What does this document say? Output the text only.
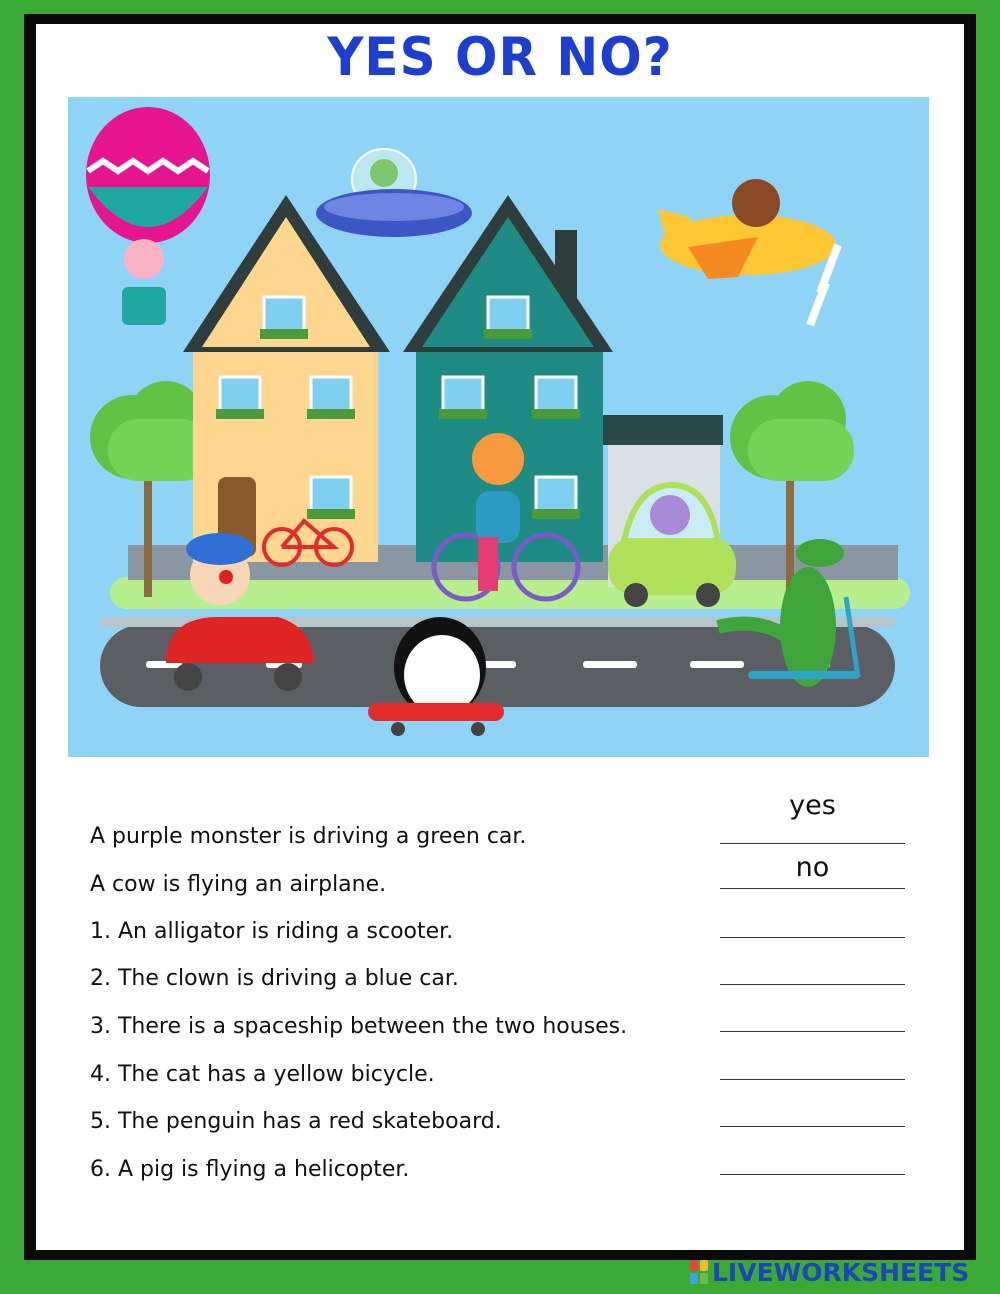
YES OR NO?
yes
A purple monster is driving a green car.
no
A cow is flying an airplane.
1. An alligator is riding a scooter.
2. The clown is driving a blue car.
3. There is a spaceship between the two houses.
4. The cat has a yellow bicycle.
5. The penguin has a red skateboard.
6. A pig is flying a helicopter.
LIVEWORKSHEETS
